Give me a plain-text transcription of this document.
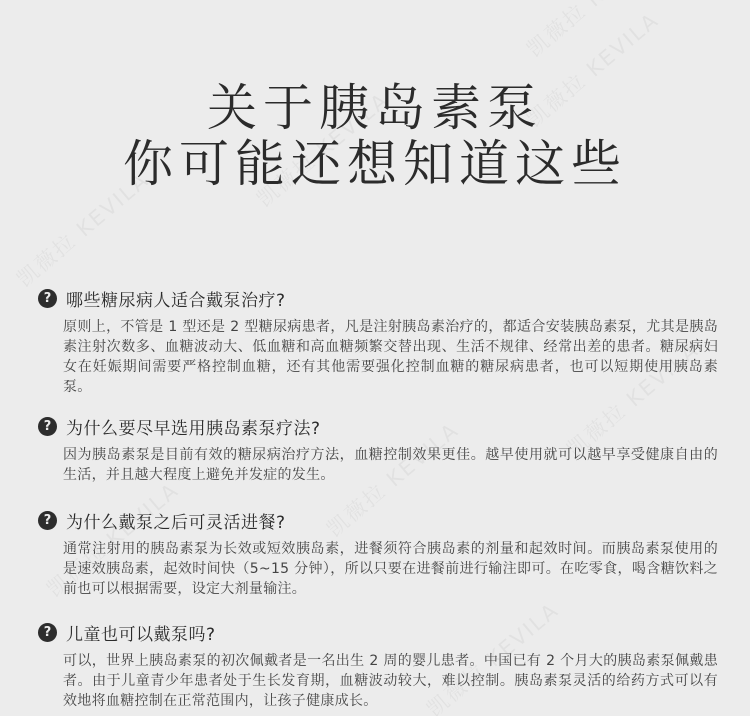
关于胰岛素泵
你可能还想知道这些
? 哪些糖尿病人适合戴泵治疗?
原则上，不管是 1 型还是 2 型糖尿病患者，凡是注射胰岛素治疗的，都适合安装胰岛素泵，尤其是胰岛素注射次数多、血糖波动大、低血糖和高血糖频繁交替出现、生活不规律、经常出差的患者。糖尿病妇女在妊娠期间需要严格控制血糖，还有其他需要强化控制血糖的糖尿病患者，也可以短期使用胰岛素泵。
? 为什么要尽早选用胰岛素泵疗法?
因为胰岛素泵是目前有效的糖尿病治疗方法，血糖控制效果更佳。越早使用就可以越早享受健康自由的生活，并且越大程度上避免并发症的发生。
? 为什么戴泵之后可灵活进餐?
通常注射用的胰岛素泵为长效或短效胰岛素，进餐须符合胰岛素的剂量和起效时间。而胰岛素泵使用的是速效胰岛素，起效时间快（5~15 分钟），所以只要在进餐前进行输注即可。在吃零食，喝含糖饮料之前也可以根据需要，设定大剂量输注。
? 儿童也可以戴泵吗?
可以，世界上胰岛素泵的初次佩戴者是一名出生 2 周的婴儿患者。中国已有 2 个月大的胰岛素泵佩戴患者。由于儿童青少年患者处于生长发育期，血糖波动较大，难以控制。胰岛素泵灵活的给药方式可以有效地将血糖控制在正常范围内，让孩子健康成长。
